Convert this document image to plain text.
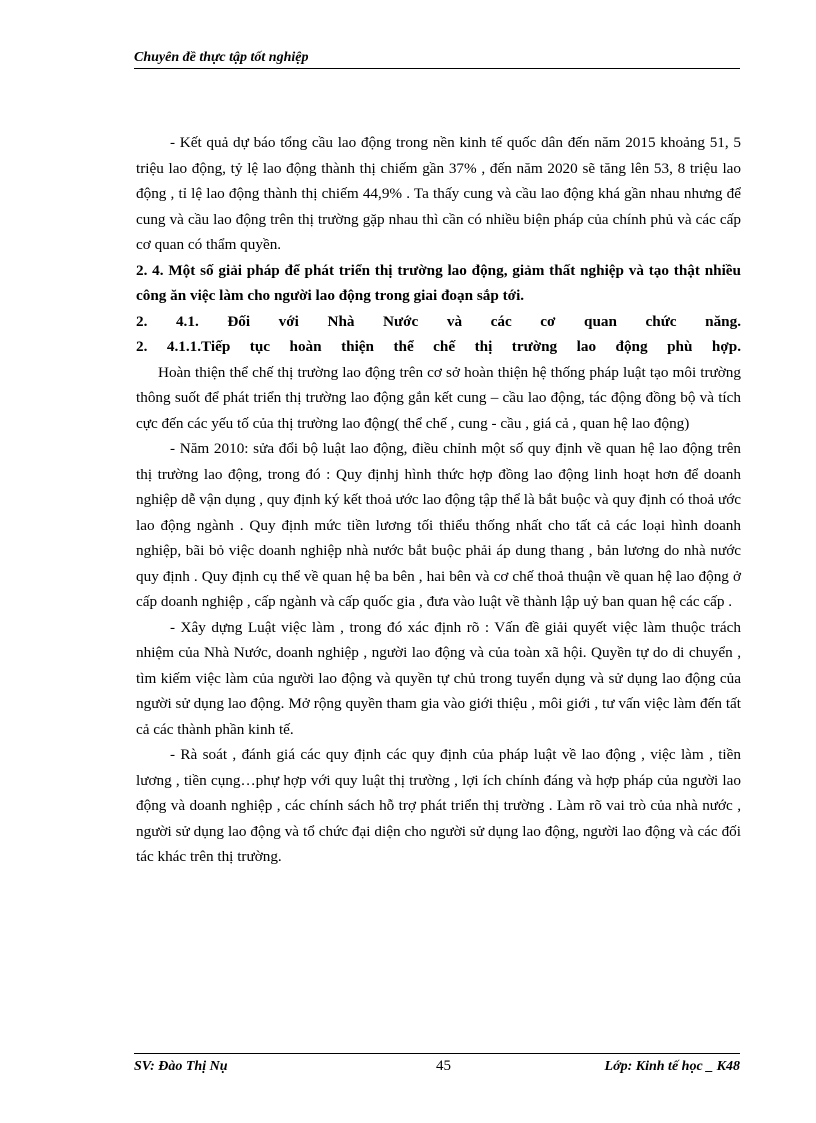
Chuyên đề thực tập tốt nghiệp

- Kết quả dự báo tổng cầu lao động trong nền kinh tế quốc dân đến năm 2015 khoảng 51, 5 triệu lao động, tỷ lệ lao động thành thị chiếm gần 37% , đến năm 2020 sẽ tăng lên 53, 8 triệu lao động , tỉ lệ lao động thành thị chiếm 44,9% . Ta thấy cung và cầu lao động khá gần nhau nhưng để cung và cầu lao động trên thị trường gặp nhau thì cần có nhiều biện pháp của chính phủ và các cấp cơ quan có thẩm quyền.

2. 4. Một số giải pháp để phát triển thị trường lao động, giảm thất nghiệp và tạo thật nhiều công ăn việc làm cho người lao động trong giai đoạn sắp tới.

2. 4.1. Đối với Nhà Nước và các cơ quan chức năng.

2. 4.1.1.Tiếp tục hoàn thiện thể chế thị trường lao động phù hợp.

Hoàn thiện thể chế thị trường lao động trên cơ sở hoàn thiện hệ thống pháp luật tạo môi trường thông suốt để phát triển thị trường lao động gắn kết cung – cầu lao động, tác động đồng bộ và tích cực đến các yếu tố của thị trường lao động( thể chế , cung - cầu , giá cả , quan hệ lao động)

- Năm 2010: sửa đổi bộ luật lao động, điều chỉnh một số quy định về quan hệ lao động trên thị trường lao động, trong đó : Quy địnhj hình thức hợp đồng lao động linh hoạt hơn để doanh nghiệp dễ vận dụng , quy định ký kết thoả ước lao động tập thể là bắt buộc và quy định có thoả ước lao động ngành . Quy định mức tiền lương tối thiểu thống nhất cho tất cả các loại hình doanh nghiệp, bãi bỏ việc doanh nghiệp nhà nước bắt buộc phải áp dung thang , bản lương do nhà nước quy định . Quy định cụ thể về quan hệ ba bên , hai bên và cơ chế thoả thuận về quan hệ lao động ở cấp doanh nghiệp , cấp ngành và cấp quốc gia , đưa vào luật về thành lập uỷ ban quan hệ các cấp .

- Xây dựng Luật việc làm , trong đó xác định rõ : Vấn đề giải quyết việc làm thuộc trách nhiệm của Nhà Nước, doanh nghiệp , người lao động và của toàn xã hội. Quyền tự do di chuyển , tìm kiếm việc làm của người lao động và quyền tự chủ trong tuyển dụng và sử dụng lao động của người sử dụng lao động. Mở rộng quyền tham gia vào giới thiệu , môi giới , tư vấn việc làm đến tất cả các thành phần kinh tế.

- Rà soát , đánh giá các quy định các quy định của pháp luật về lao động , việc làm , tiền lương , tiền cụng…phự hợp với quy luật thị trường , lợi ích chính đáng và hợp pháp của người lao động và doanh nghiệp , các chính sách hỗ trợ phát triển thị trường . Làm rõ vai trò của nhà nước , người sử dụng lao động và tổ chức đại diện cho người sử dụng lao động, người lao động và các đối tác khác trên thị trường.

SV: Đào Thị Nụ	45	Lớp: Kinh tế học _ K48
